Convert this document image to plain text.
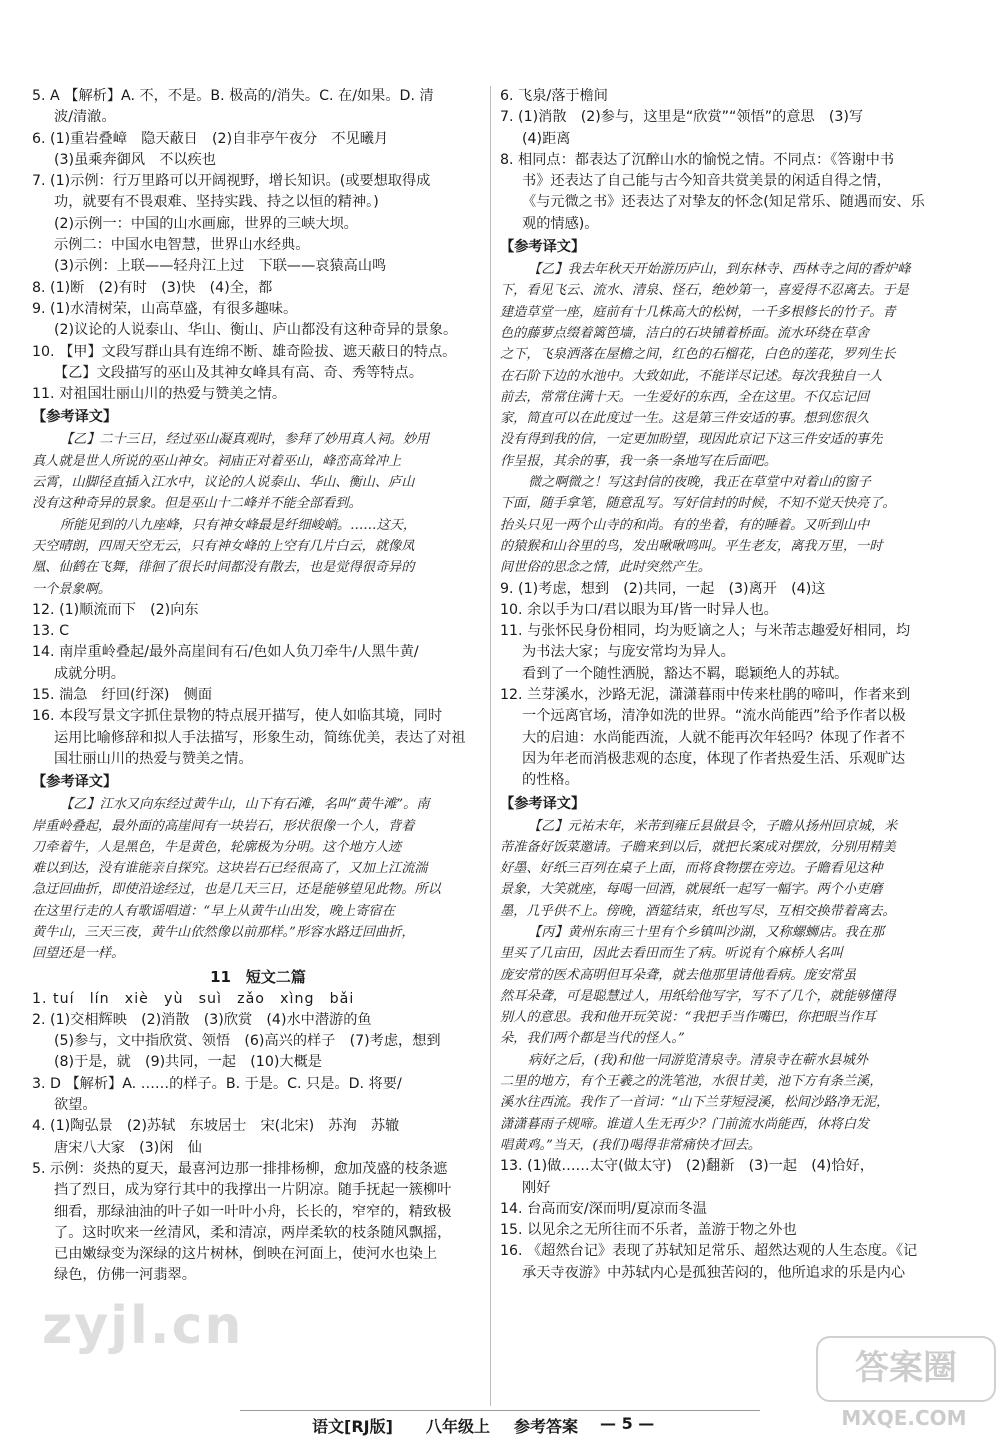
5. A 【解析】A. 不，不是。B. 极高的/消失。C. 在/如果。D. 清
波/清澈。
6. (1)重岩叠嶂　隐天蔽日　(2)自非亭午夜分　不见曦月
(3)虽乘奔御风　不以疾也
7. (1)示例：行万里路可以开阔视野，增长知识。(或要想取得成
功，就要有不畏艰难、坚持实践、持之以恒的精神。)
(2)示例一：中国的山水画廊，世界的三峡大坝。
示例二：中国水电智慧，世界山水经典。
(3)示例：上联——轻舟江上过　下联——哀猿高山鸣
8. (1)断　(2)有时　(3)快　(4)全，都
9. (1)水清树荣，山高草盛，有很多趣味。
(2)议论的人说泰山、华山、衡山、庐山都没有这种奇异的景象。
10. 【甲】文段写群山具有连绵不断、雄奇险拔、遮天蔽日的特点。
【乙】文段描写的巫山及其神女峰具有高、奇、秀等特点。
11. 对祖国壮丽山川的热爱与赞美之情。
【参考译文】
【乙】二十三日，经过巫山凝真观时，参拜了妙用真人祠。妙用
真人就是世人所说的巫山神女。祠庙正对着巫山，峰峦高耸冲上
云霄，山脚径直插入江水中，议论的人说泰山、华山、衡山、庐山
没有这种奇异的景象。但是巫山十二峰并不能全部看到。
所能见到的八九座峰，只有神女峰最是纤细峻峭。……这天，
天空晴朗，四周天空无云，只有神女峰的上空有几片白云，就像凤
凰、仙鹤在飞舞，徘徊了很长时间都没有散去，也是觉得很奇异的
一个景象啊。
12. (1)顺流而下　(2)向东
13. C
14. 南岸重岭叠起/最外高崖间有石/色如人负刀牵牛/人黑牛黄/
成就分明。
15. 湍急　纡回(纡深)　侧面
16. 本段写景文字抓住景物的特点展开描写，使人如临其境，同时
运用比喻修辞和拟人手法描写，形象生动，简练优美，表达了对祖
国壮丽山川的热爱与赞美之情。
【参考译文】
【乙】江水又向东经过黄牛山，山下有石滩，名叫“黄牛滩”。南
岸重岭叠起，最外面的高崖间有一块岩石，形状很像一个人，背着
刀牵着牛，人是黑色，牛是黄色，轮廓极为分明。这个地方人迹
难以到达，没有谁能亲自探究。这块岩石已经很高了，又加上江流湍
急迂回曲折，即使沿途经过，也是几天三日，还是能够望见此物。所以
在这里行走的人有歌谣唱道：“早上从黄牛山出发，晚上寄宿在
黄牛山，三天三夜，黄牛山依然像以前那样。”形容水路迂回曲折，
回望还是一样。
11　短文二篇
1. tuí　lín　xiè　yù　suì　zǎo　xìng　bǎi
2. (1)交相辉映　(2)消散　(3)欣赏　(4)水中潜游的鱼
(5)参与，文中指欣赏、领悟　(6)高兴的样子　(7)考虑，想到
(8)于是，就　(9)共同，一起　(10)大概是
3. D 【解析】A. ……的样子。B. 于是。C. 只是。D. 将要/
欲望。
4. (1)陶弘景　(2)苏轼　东坡居士　宋(北宋)　苏洵　苏辙
唐宋八大家　(3)闲　仙
5. 示例：炎热的夏天，最喜河边那一排排杨柳，愈加茂盛的枝条遮
挡了烈日，成为穿行其中的我撑出一片阴凉。随手抚起一簇柳叶
细看，那绿油油的叶子如一叶叶小舟，长长的，窄窄的，精致极
了。这时吹来一丝清风，柔和清凉，两岸柔软的枝条随风飘摇，
已由嫩绿变为深绿的这片树林，倒映在河面上，使河水也染上
绿色，仿佛一河翡翠。
6. 飞泉/落于檐间
7. (1)消散　(2)参与，这里是“欣赏”“领悟”的意思　(3)写
(4)距离
8. 相同点：都表达了沉醉山水的愉悦之情。不同点：《答谢中书
书》还表达了自己能与古今知音共赏美景的闲适自得之情，
《与元微之书》还表达了对挚友的怀念(知足常乐、随遇而安、乐
观的情感)。
【参考译文】
【乙】我去年秋天开始游历庐山，到东林寺、西林寺之间的香炉峰
下，看见飞云、流水、清泉、怪石，绝妙第一，喜爱得不忍离去。于是
建造草堂一座，庭前有十几株高大的松树，一千多根修长的竹子。青
色的藤萝点缀着篱笆墙，洁白的石块铺着桥面。流水环绕在草舍
之下，飞泉洒落在屋檐之间，红色的石榴花，白色的莲花，罗列生长
在石阶下边的水池中。大致如此，不能详尽记述。每次我独自一人
前去，常常住满十天。一生爱好的东西，全在这里。不仅忘记回
家，简直可以在此度过一生。这是第三件安适的事。想到您很久
没有得到我的信，一定更加盼望，现因此京记下这三件安适的事先
作呈报，其余的事，我一条一条地写在后面吧。
微之啊微之！写这封信的夜晚，我正在草堂中对着山的窗子
下面，随手拿笔，随意乱写。写好信封的时候，不知不觉天快亮了。
抬头只见一两个山寺的和尚。有的坐着，有的睡着。又听到山中
的猿猴和山谷里的鸟，发出啾啾鸣叫。平生老友，离我万里，一时
间世俗的思念之情，此时突然产生。
9. (1)考虑，想到　(2)共同，一起　(3)离开　(4)这
10. 余以手为口/君以眼为耳/皆一时异人也。
11. 与张怀民身份相同，均为贬谪之人；与米芾志趣爱好相同，均
为书法大家；与庞安常均为异人。
看到了一个随性洒脱，豁达不羁，聪颖绝人的苏轼。
12. 兰芽溪水，沙路无泥，潇潇暮雨中传来杜鹃的啼叫，作者来到
一个远离官场，清净如洗的世界。“流水尚能西”给予作者以极
大的启迪：水尚能西流，人就不能再次年轻吗？体现了作者不
因为年老而消极悲观的态度，体现了作者热爱生活、乐观旷达
的性格。
【参考译文】
【乙】元祐末年，米芾到雍丘县做县令，子瞻从扬州回京城，米
芾准备好饭菜邀请。子瞻来到以后，就把长案成对摆放，分别用精美
好墨、好纸三百列在桌子上面，而将食物摆在旁边。子瞻看见这种
景象，大笑就座，每喝一回酒，就展纸一起写一幅字。两个小吏磨
墨，几乎供不上。傍晚，酒筵结束，纸也写尽，互相交换带着离去。
【丙】黄州东南三十里有个乡镇叫沙湖，又称螺蛳店。我在那
里买了几亩田，因此去看田而生了病。听说有个麻桥人名叫
庞安常的医术高明但耳朵聋，就去他那里请他看病。庞安常虽
然耳朵聋，可是聪慧过人，用纸给他写字，写不了几个，就能够懂得
别人的意思。我和他开玩笑说：“我把手当作嘴巴，你把眼当作耳
朵，我们两个都是当代的怪人。”
病好之后，(我)和他一同游览清泉寺。清泉寺在蕲水县城外
二里的地方，有个王羲之的洗笔池，水很甘美，池下方有条兰溪，
溪水往西流。我作了一首词：“山下兰芽短浸溪，松间沙路净无泥，
潇潇暮雨子规啼。谁道人生无再少？门前流水尚能西，休将白发
唱黄鸡。”当天，(我们)喝得非常痛快才回去。
13. (1)做……太守(做太守)　(2)翻新　(3)一起　(4)恰好，
刚好
14. 台高而安/深而明/夏凉而冬温
15. 以见余之无所往而不乐者，盖游于物之外也
16. 《超然台记》表现了苏轼知足常乐、超然达观的人生态度。《记
承天寺夜游》中苏轼内心是孤独苦闷的，他所追求的乐是内心
语文[RJ版] 八年级上 参考答案 — 5 —
zyjl.cn
答案圈
MXQE.COM
